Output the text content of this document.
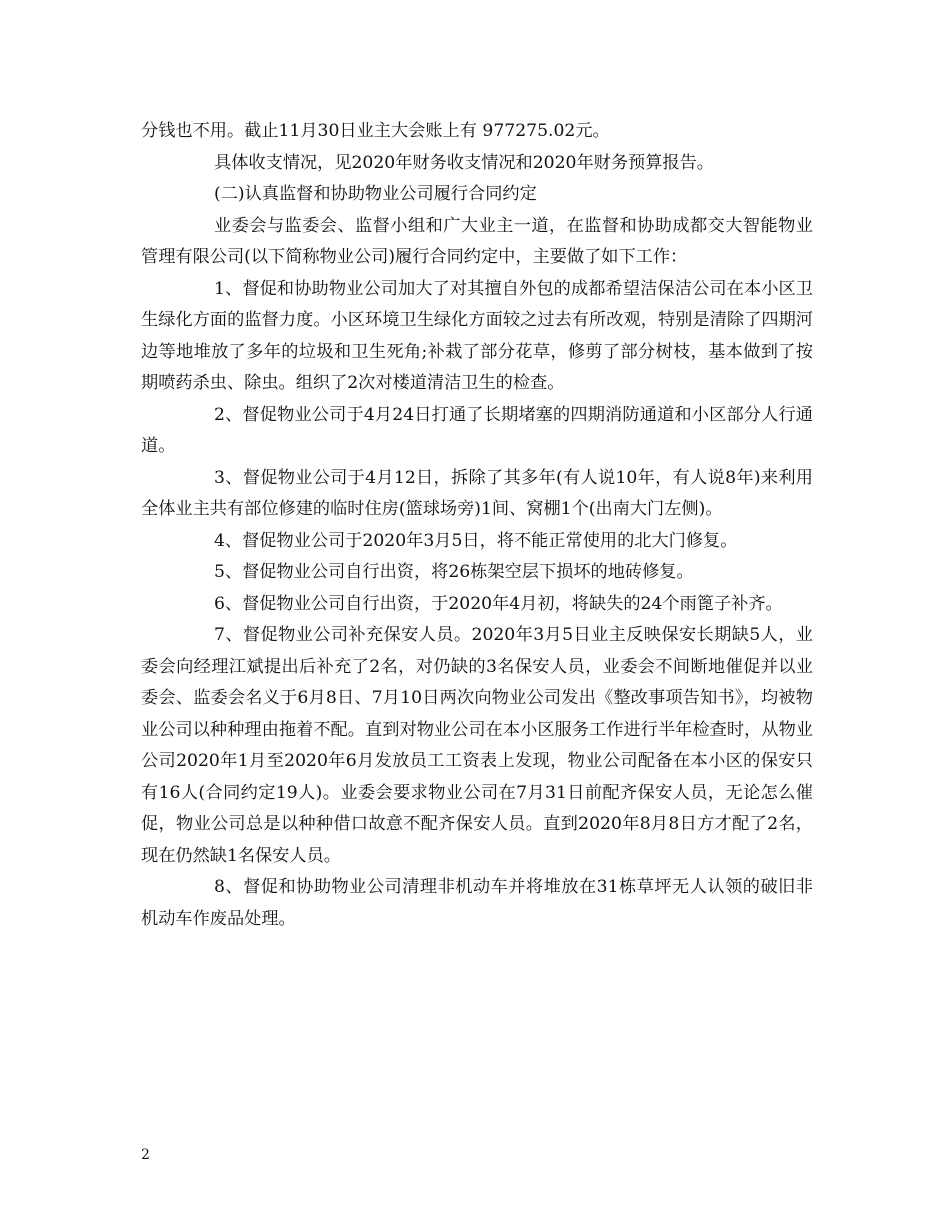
分钱也不用。截止11月30日业主大会账上有 977275.02元。

具体收支情况，见2020年财务收支情况和2020年财务预算报告。

(二)认真监督和协助物业公司履行合同约定

业委会与监委会、监督小组和广大业主一道，在监督和协助成都交大智能物业管理有限公司(以下简称物业公司)履行合同约定中，主要做了如下工作：

1、督促和协助物业公司加大了对其擅自外包的成都希望洁保洁公司在本小区卫生绿化方面的监督力度。小区环境卫生绿化方面较之过去有所改观，特别是清除了四期河边等地堆放了多年的垃圾和卫生死角;补栽了部分花草，修剪了部分树枝，基本做到了按期喷药杀虫、除虫。组织了2次对楼道清洁卫生的检查。

2、督促物业公司于4月24日打通了长期堵塞的四期消防通道和小区部分人行通道。

3、督促物业公司于4月12日，拆除了其多年(有人说10年，有人说8年)来利用全体业主共有部位修建的临时住房(篮球场旁)1间、窝棚1个(出南大门左侧)。

4、督促物业公司于2020年3月5日，将不能正常使用的北大门修复。

5、督促物业公司自行出资，将26栋架空层下损坏的地砖修复。

6、督促物业公司自行出资，于2020年4月初，将缺失的24个雨篦子补齐。

7、督促物业公司补充保安人员。2020年3月5日业主反映保安长期缺5人，业委会向经理江斌提出后补充了2名，对仍缺的3名保安人员，业委会不间断地催促并以业委会、监委会名义于6月8日、7月10日两次向物业公司发出《整改事项告知书》，均被物业公司以种种理由拖着不配。直到对物业公司在本小区服务工作进行半年检查时，从物业公司2020年1月至2020年6月发放员工工资表上发现，物业公司配备在本小区的保安只有16人(合同约定19人)。业委会要求物业公司在7月31日前配齐保安人员，无论怎么催促，物业公司总是以种种借口故意不配齐保安人员。直到2020年8月8日方才配了2名，现在仍然缺1名保安人员。

8、督促和协助物业公司清理非机动车并将堆放在31栋草坪无人认领的破旧非机动车作废品处理。

2
